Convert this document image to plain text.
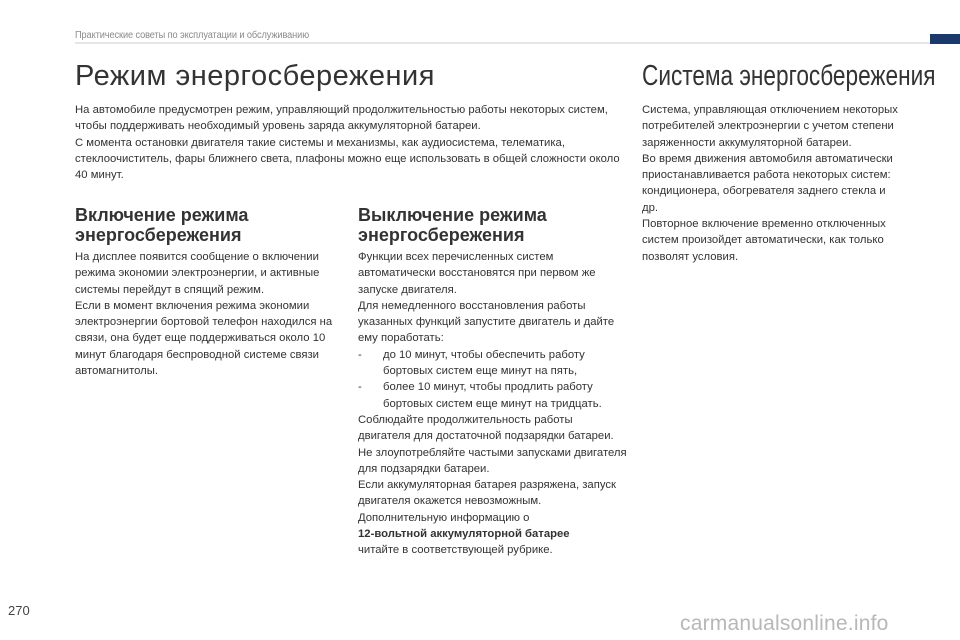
Практические советы по эксплуатации и обслуживанию
Режим энергосбережения

На автомобиле предусмотрен режим, управляющий продолжительностью работы некоторых систем, чтобы поддерживать необходимый уровень заряда аккумуляторной батареи.

С момента остановки двигателя такие системы и механизмы, как аудиосистема, телематика, стеклоочиститель, фары ближнего света, плафоны можно еще использовать в общей сложности около 40 минут.

Включение режима энергосбережения

На дисплее появится сообщение о включении режима экономии электроэнергии, и активные системы перейдут в спящий режим.

Если в момент включения режима экономии электроэнергии бортовой телефон находился на связи, она будет еще поддерживаться около 10 минут благодаря беспроводной системе связи автомагнитолы.

Выключение режима энергосбережения

Функции всех перечисленных систем автоматически восстановятся при первом же запуске двигателя.

Для немедленного восстановления работы указанных функций запустите двигатель и дайте ему поработать:

-	до 10 минут, чтобы обеспечить работу бортовых систем еще минут на пять,
-	более 10 минут, чтобы продлить работу бортовых систем еще минут на тридцать.

Соблюдайте продолжительность работы двигателя для достаточной подзарядки батареи.

Не злоупотребляйте частыми запусками двигателя для подзарядки батареи.

Если аккумуляторная батарея разряжена, запуск двигателя окажется невозможным.

Дополнительную информацию о

12-вольтной аккумуляторной батарее

читайте в соответствующей рубрике.

Система энергосбережения

Система, управляющая отключением некоторых потребителей электроэнергии с учетом степени заряженности аккумуляторной батареи.

Во время движения автомобиля автоматически приостанавливается работа некоторых систем: кондиционера, обогревателя заднего стекла и др.

Повторное включение временно отключенных систем произойдет автоматически, как только позволят условия.

270
carmanualsonline.info
